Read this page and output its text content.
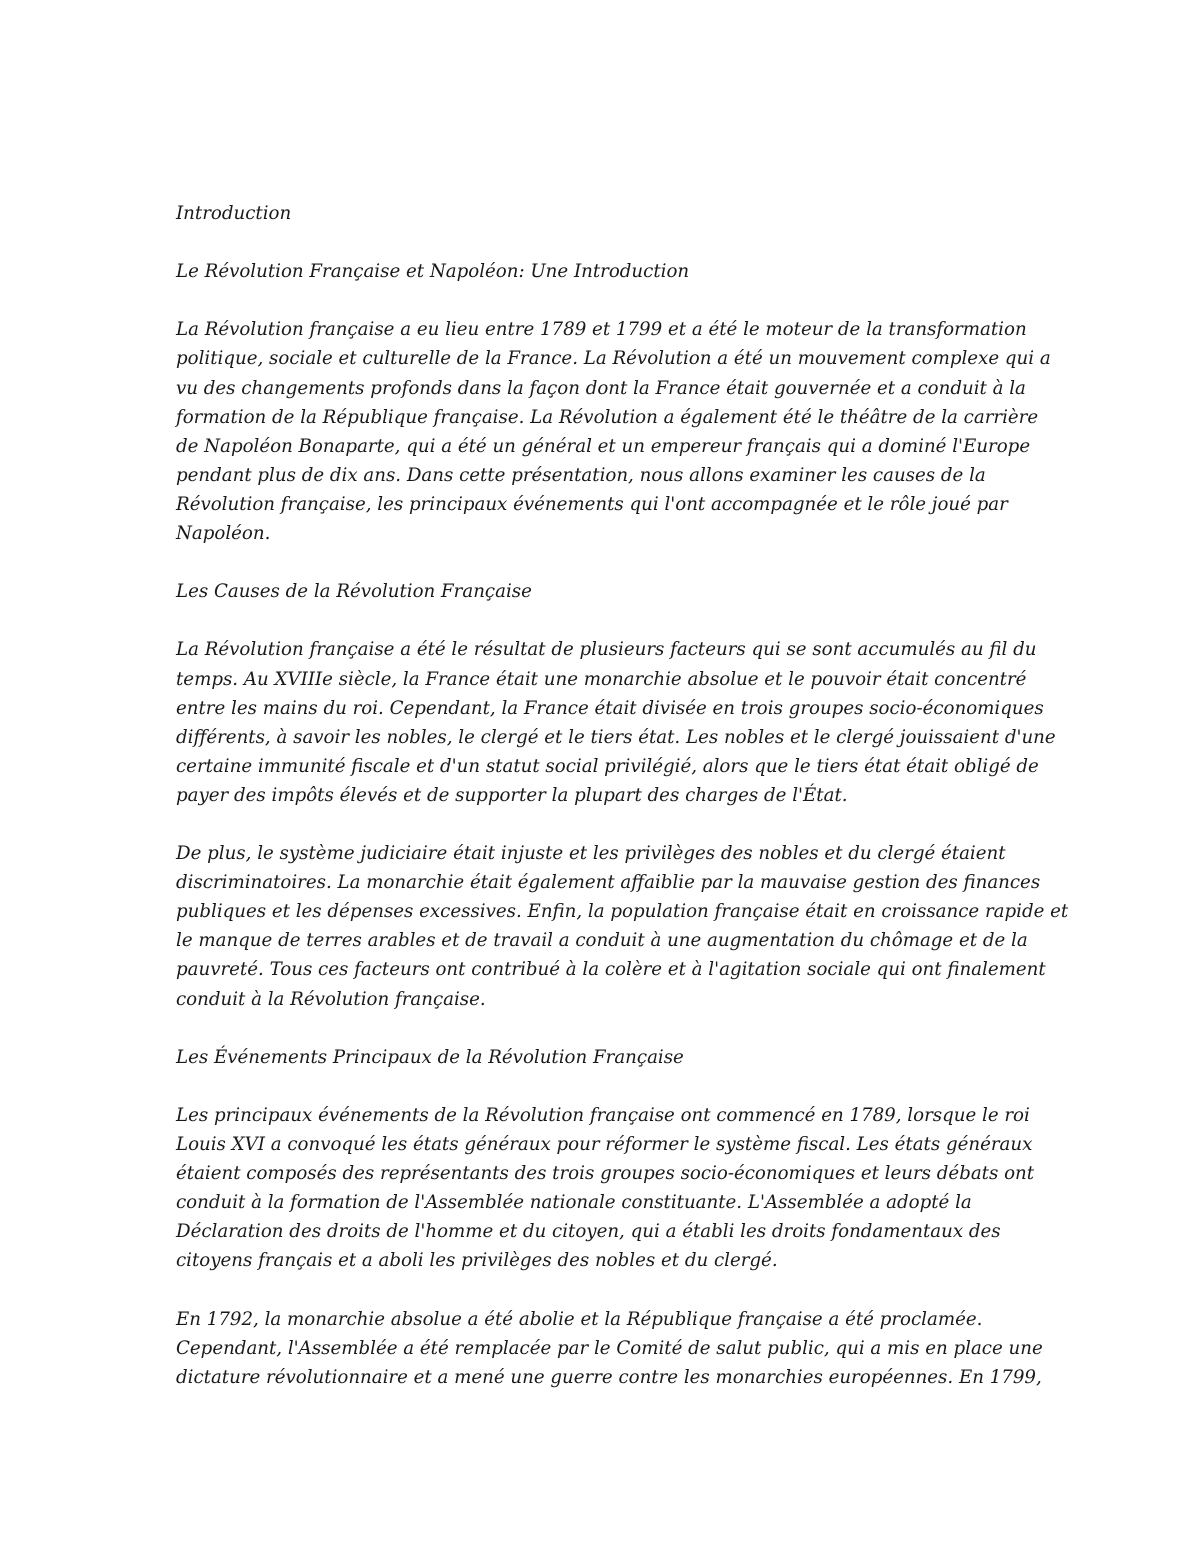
Introduction

Le Révolution Française et Napoléon: Une Introduction

La Révolution française a eu lieu entre 1789 et 1799 et a été le moteur de la transformation
politique, sociale et culturelle de la France. La Révolution a été un mouvement complexe qui a
vu des changements profonds dans la façon dont la France était gouvernée et a conduit à la
formation de la République française. La Révolution a également été le théâtre de la carrière
de Napoléon Bonaparte, qui a été un général et un empereur français qui a dominé l'Europe
pendant plus de dix ans. Dans cette présentation, nous allons examiner les causes de la
Révolution française, les principaux événements qui l'ont accompagnée et le rôle joué par
Napoléon.

Les Causes de la Révolution Française

La Révolution française a été le résultat de plusieurs facteurs qui se sont accumulés au fil du
temps. Au XVIIIe siècle, la France était une monarchie absolue et le pouvoir était concentré
entre les mains du roi. Cependant, la France était divisée en trois groupes socio-économiques
différents, à savoir les nobles, le clergé et le tiers état. Les nobles et le clergé jouissaient d'une
certaine immunité fiscale et d'un statut social privilégié, alors que le tiers état était obligé de
payer des impôts élevés et de supporter la plupart des charges de l'État.

De plus, le système judiciaire était injuste et les privilèges des nobles et du clergé étaient
discriminatoires. La monarchie était également affaiblie par la mauvaise gestion des finances
publiques et les dépenses excessives. Enfin, la population française était en croissance rapide et
le manque de terres arables et de travail a conduit à une augmentation du chômage et de la
pauvreté. Tous ces facteurs ont contribué à la colère et à l'agitation sociale qui ont finalement
conduit à la Révolution française.

Les Événements Principaux de la Révolution Française

Les principaux événements de la Révolution française ont commencé en 1789, lorsque le roi
Louis XVI a convoqué les états généraux pour réformer le système fiscal. Les états généraux
étaient composés des représentants des trois groupes socio-économiques et leurs débats ont
conduit à la formation de l'Assemblée nationale constituante. L'Assemblée a adopté la
Déclaration des droits de l'homme et du citoyen, qui a établi les droits fondamentaux des
citoyens français et a aboli les privilèges des nobles et du clergé.

En 1792, la monarchie absolue a été abolie et la République française a été proclamée.
Cependant, l'Assemblée a été remplacée par le Comité de salut public, qui a mis en place une
dictature révolutionnaire et a mené une guerre contre les monarchies européennes. En 1799,
